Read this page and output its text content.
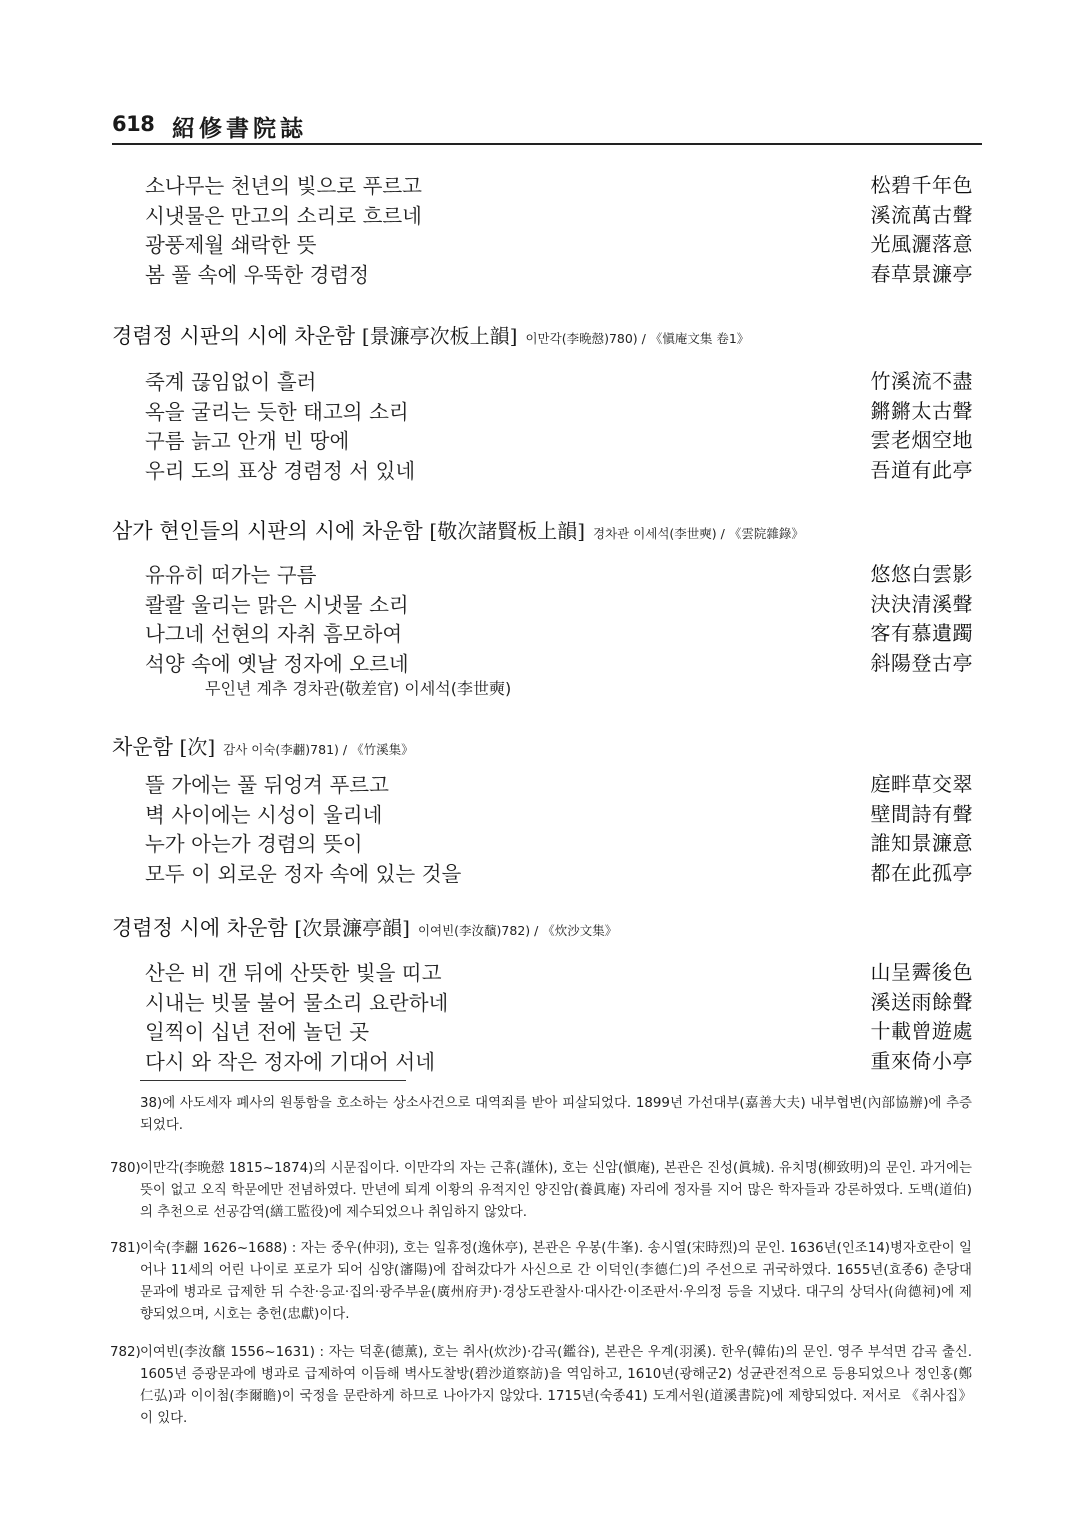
618 紹修書院誌
소나무는 천년의 빛으로 푸르고	松碧千年色
시냇물은 만고의 소리로 흐르네	溪流萬古聲
광풍제월 쇄락한 뜻	光風灑落意
봄 풀 속에 우뚝한 경렴정	春草景濂亭
경렴정 시판의 시에 차운함 [景濂亭次板上韻] 이만각(李晩慤)780) / 《愼庵文集 卷1》
죽계 끊임없이 흘러	竹溪流不盡
옥을 굴리는 듯한 태고의 소리	鏘鏘太古聲
구름 늙고 안개 빈 땅에	雲老烟空地
우리 도의 표상 경렴정 서 있네	吾道有此亭
삼가 현인들의 시판의 시에 차운함 [敬次諸賢板上韻] 경차관 이세석(李世奭) / 《雲院雜錄》
유유히 떠가는 구름	悠悠白雲影
콸콸 울리는 맑은 시냇물 소리	決決清溪聲
나그네 선현의 자취 흠모하여	客有慕遺躅
석양 속에 옛날 정자에 오르네	斜陽登古亭
무인년 계추 경차관(敬差官) 이세석(李世奭)
차운함 [次] 감사 이숙(李䎘)781) / 《竹溪集》
뜰 가에는 풀 뒤엉겨 푸르고	庭畔草交翠
벽 사이에는 시성이 울리네	壁間詩有聲
누가 아는가 경렴의 뜻이	誰知景濂意
모두 이 외로운 정자 속에 있는 것을	都在此孤亭
경렴정 시에 차운함 [次景濂亭韻] 이여빈(李汝馪)782) / 《炊沙文集》
산은 비 갠 뒤에 산뜻한 빛을 띠고	山呈霽後色
시내는 빗물 불어 물소리 요란하네	溪送雨餘聲
일찍이 십년 전에 놀던 곳	十載曾遊處
다시 와 작은 정자에 기대어 서네	重來倚小亭
38)에 사도세자 폐사의 원통함을 호소하는 상소사건으로 대역죄를 받아 피살되었다. 1899년 가선대부(嘉善大夫) 내부협변(內部協辦)에 추증되었다.
780) 이만각(李晩慤 1815~1874)의 시문집이다. 이만각의 자는 근휴(謹休), 호는 신암(愼庵), 본관은 진성(眞城). 유치명(柳致明)의 문인. 과거에는 뜻이 없고 오직 학문에만 전념하였다. 만년에 퇴계 이황의 유적지인 양진암(養眞庵) 자리에 정자를 지어 많은 학자들과 강론하였다. 도백(道伯)의 추천으로 선공감역(繕工監役)에 제수되었으나 취임하지 않았다.
781) 이숙(李䎘 1626~1688) : 자는 중우(仲羽), 호는 일휴정(逸休亭), 본관은 우봉(牛峯). 송시열(宋時烈)의 문인. 1636년(인조14)병자호란이 일어나 11세의 어린 나이로 포로가 되어 심양(瀋陽)에 잡혀갔다가 사신으로 간 이덕인(李德仁)의 주선으로 귀국하였다. 1655년(효종6) 춘당대 문과에 병과로 급제한 뒤 수찬·응교·집의·광주부윤(廣州府尹)·경상도관찰사·대사간·이조판서·우의정 등을 지냈다. 대구의 상덕사(尙德祠)에 제향되었으며, 시호는 충헌(忠獻)이다.
782) 이여빈(李汝馪 1556~1631) : 자는 덕훈(德薰), 호는 취사(炊沙)·감곡(鑑谷), 본관은 우계(羽溪). 한우(韓佑)의 문인. 영주 부석면 감곡 출신. 1605년 증광문과에 병과로 급제하여 이듬해 벽사도찰방(碧沙道察訪)을 역임하고, 1610년(광해군2) 성균관전적으로 등용되었으나 정인홍(鄭仁弘)과 이이첨(李爾瞻)이 국정을 문란하게 하므로 나아가지 않았다. 1715년(숙종41) 도계서원(道溪書院)에 제향되었다. 저서로 《취사집》이 있다.
